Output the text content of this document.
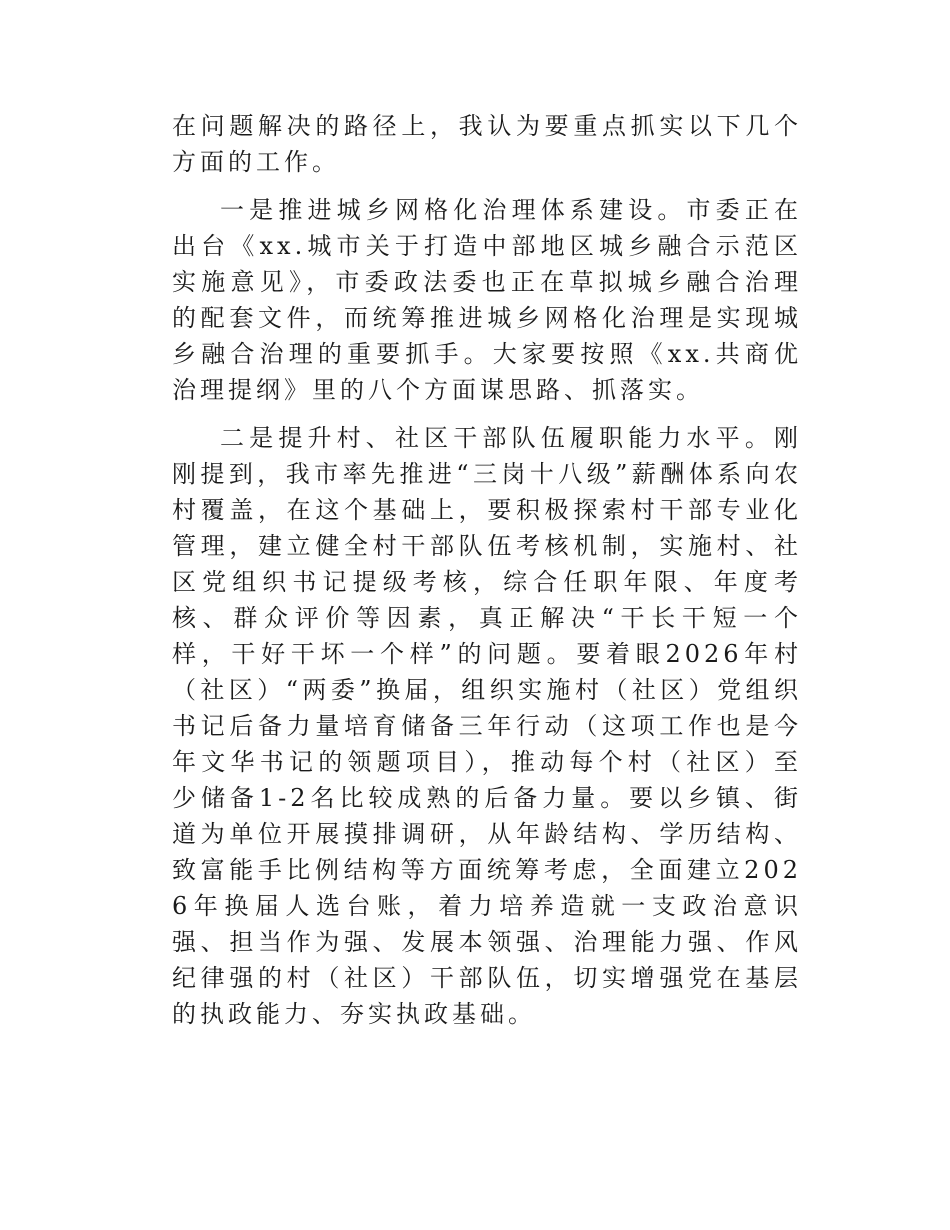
在问题解决的路径上，我认为要重点抓实以下几个方面的工作。

一是推进城乡网格化治理体系建设。市委正在出台《xx.城市关于打造中部地区城乡融合示范区实施意见》，市委政法委也正在草拟城乡融合治理的配套文件，而统筹推进城乡网格化治理是实现城乡融合治理的重要抓手。大家要按照《xx.共商优治理提纲》里的八个方面谋思路、抓落实。

二是提升村、社区干部队伍履职能力水平。刚刚提到，我市率先推进“三岗十八级”薪酬体系向农村覆盖，在这个基础上，要积极探索村干部专业化管理，建立健全村干部队伍考核机制，实施村、社区党组织书记提级考核，综合任职年限、年度考核、群众评价等因素，真正解决“干长干短一个样，干好干坏一个样”的问题。要着眼2026年村（社区）“两委”换届，组织实施村（社区）党组织书记后备力量培育储备三年行动（这项工作也是今年文华书记的领题项目），推动每个村（社区）至少储备1-2名比较成熟的后备力量。要以乡镇、街道为单位开展摸排调研，从年龄结构、学历结构、致富能手比例结构等方面统筹考虑，全面建立2026年换届人选台账，着力培养造就一支政治意识强、担当作为强、发展本领强、治理能力强、作风纪律强的村（社区）干部队伍，切实增强党在基层的执政能力、夯实执政基础。
